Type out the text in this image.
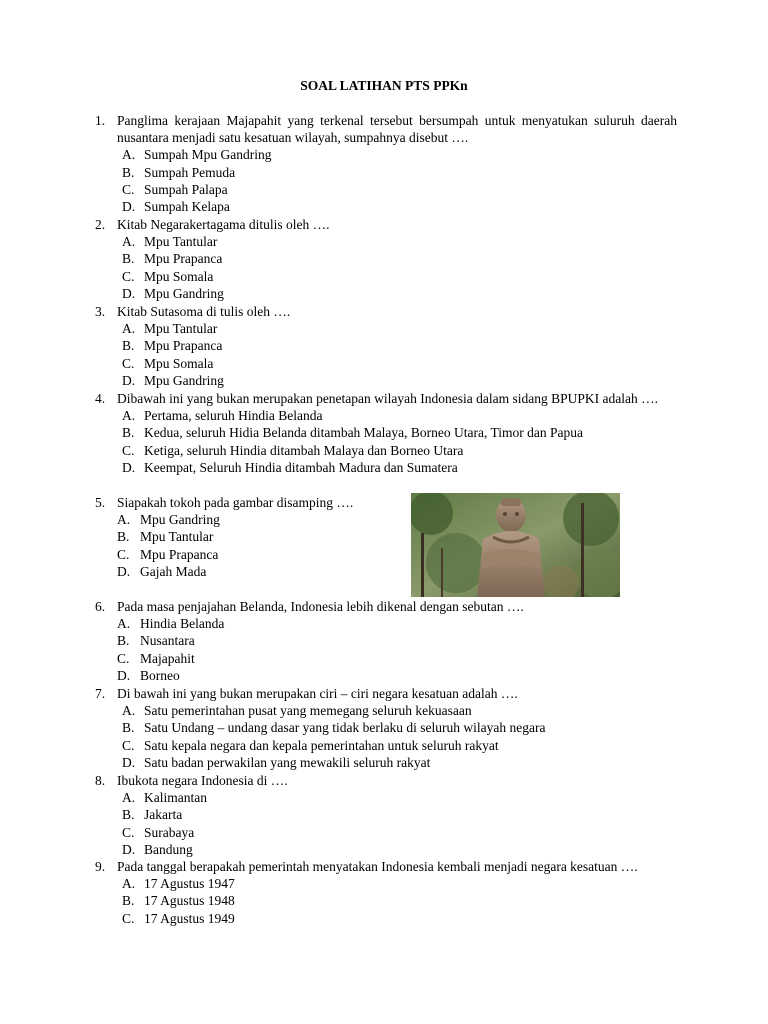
SOAL LATIHAN PTS PPKn
1. Panglima kerajaan Majapahit yang terkenal tersebut bersumpah untuk menyatukan suluruh daerah nusantara menjadi satu kesatuan wilayah, sumpahnya disebut ….
A. Sumpah Mpu Gandring
B. Sumpah Pemuda
C. Sumpah Palapa
D. Sumpah Kelapa
2. Kitab Negarakertagama ditulis oleh ….
A. Mpu Tantular
B. Mpu Prapanca
C. Mpu Somala
D. Mpu Gandring
3. Kitab Sutasoma di tulis oleh ….
A. Mpu Tantular
B. Mpu Prapanca
C. Mpu Somala
D. Mpu Gandring
4. Dibawah ini yang bukan merupakan penetapan wilayah Indonesia dalam sidang BPUPKI adalah ….
A. Pertama, seluruh Hindia Belanda
B. Kedua, seluruh Hidia Belanda ditambah Malaya, Borneo Utara, Timor dan Papua
C. Ketiga, seluruh Hindia ditambah Malaya dan Borneo Utara
D. Keempat, Seluruh Hindia ditambah Madura dan Sumatera
5. Siapakah tokoh pada gambar disamping ….
A. Mpu Gandring
B. Mpu Tantular
C. Mpu Prapanca
D. Gajah Mada
6. Pada masa penjajahan Belanda, Indonesia lebih dikenal dengan sebutan ….
A. Hindia Belanda
B. Nusantara
C. Majapahit
D. Borneo
7. Di bawah ini yang bukan merupakan ciri – ciri negara kesatuan adalah ….
A. Satu pemerintahan pusat yang memegang seluruh kekuasaan
B. Satu Undang – undang dasar yang tidak berlaku di seluruh wilayah negara
C. Satu kepala negara dan kepala pemerintahan untuk seluruh rakyat
D. Satu badan perwakilan yang mewakili seluruh rakyat
8. Ibukota negara Indonesia di ….
A. Kalimantan
B. Jakarta
C. Surabaya
D. Bandung
9. Pada tanggal berapakah pemerintah menyatakan Indonesia kembali menjadi negara kesatuan ….
A. 17 Agustus 1947
B. 17 Agustus 1948
C. 17 Agustus 1949
